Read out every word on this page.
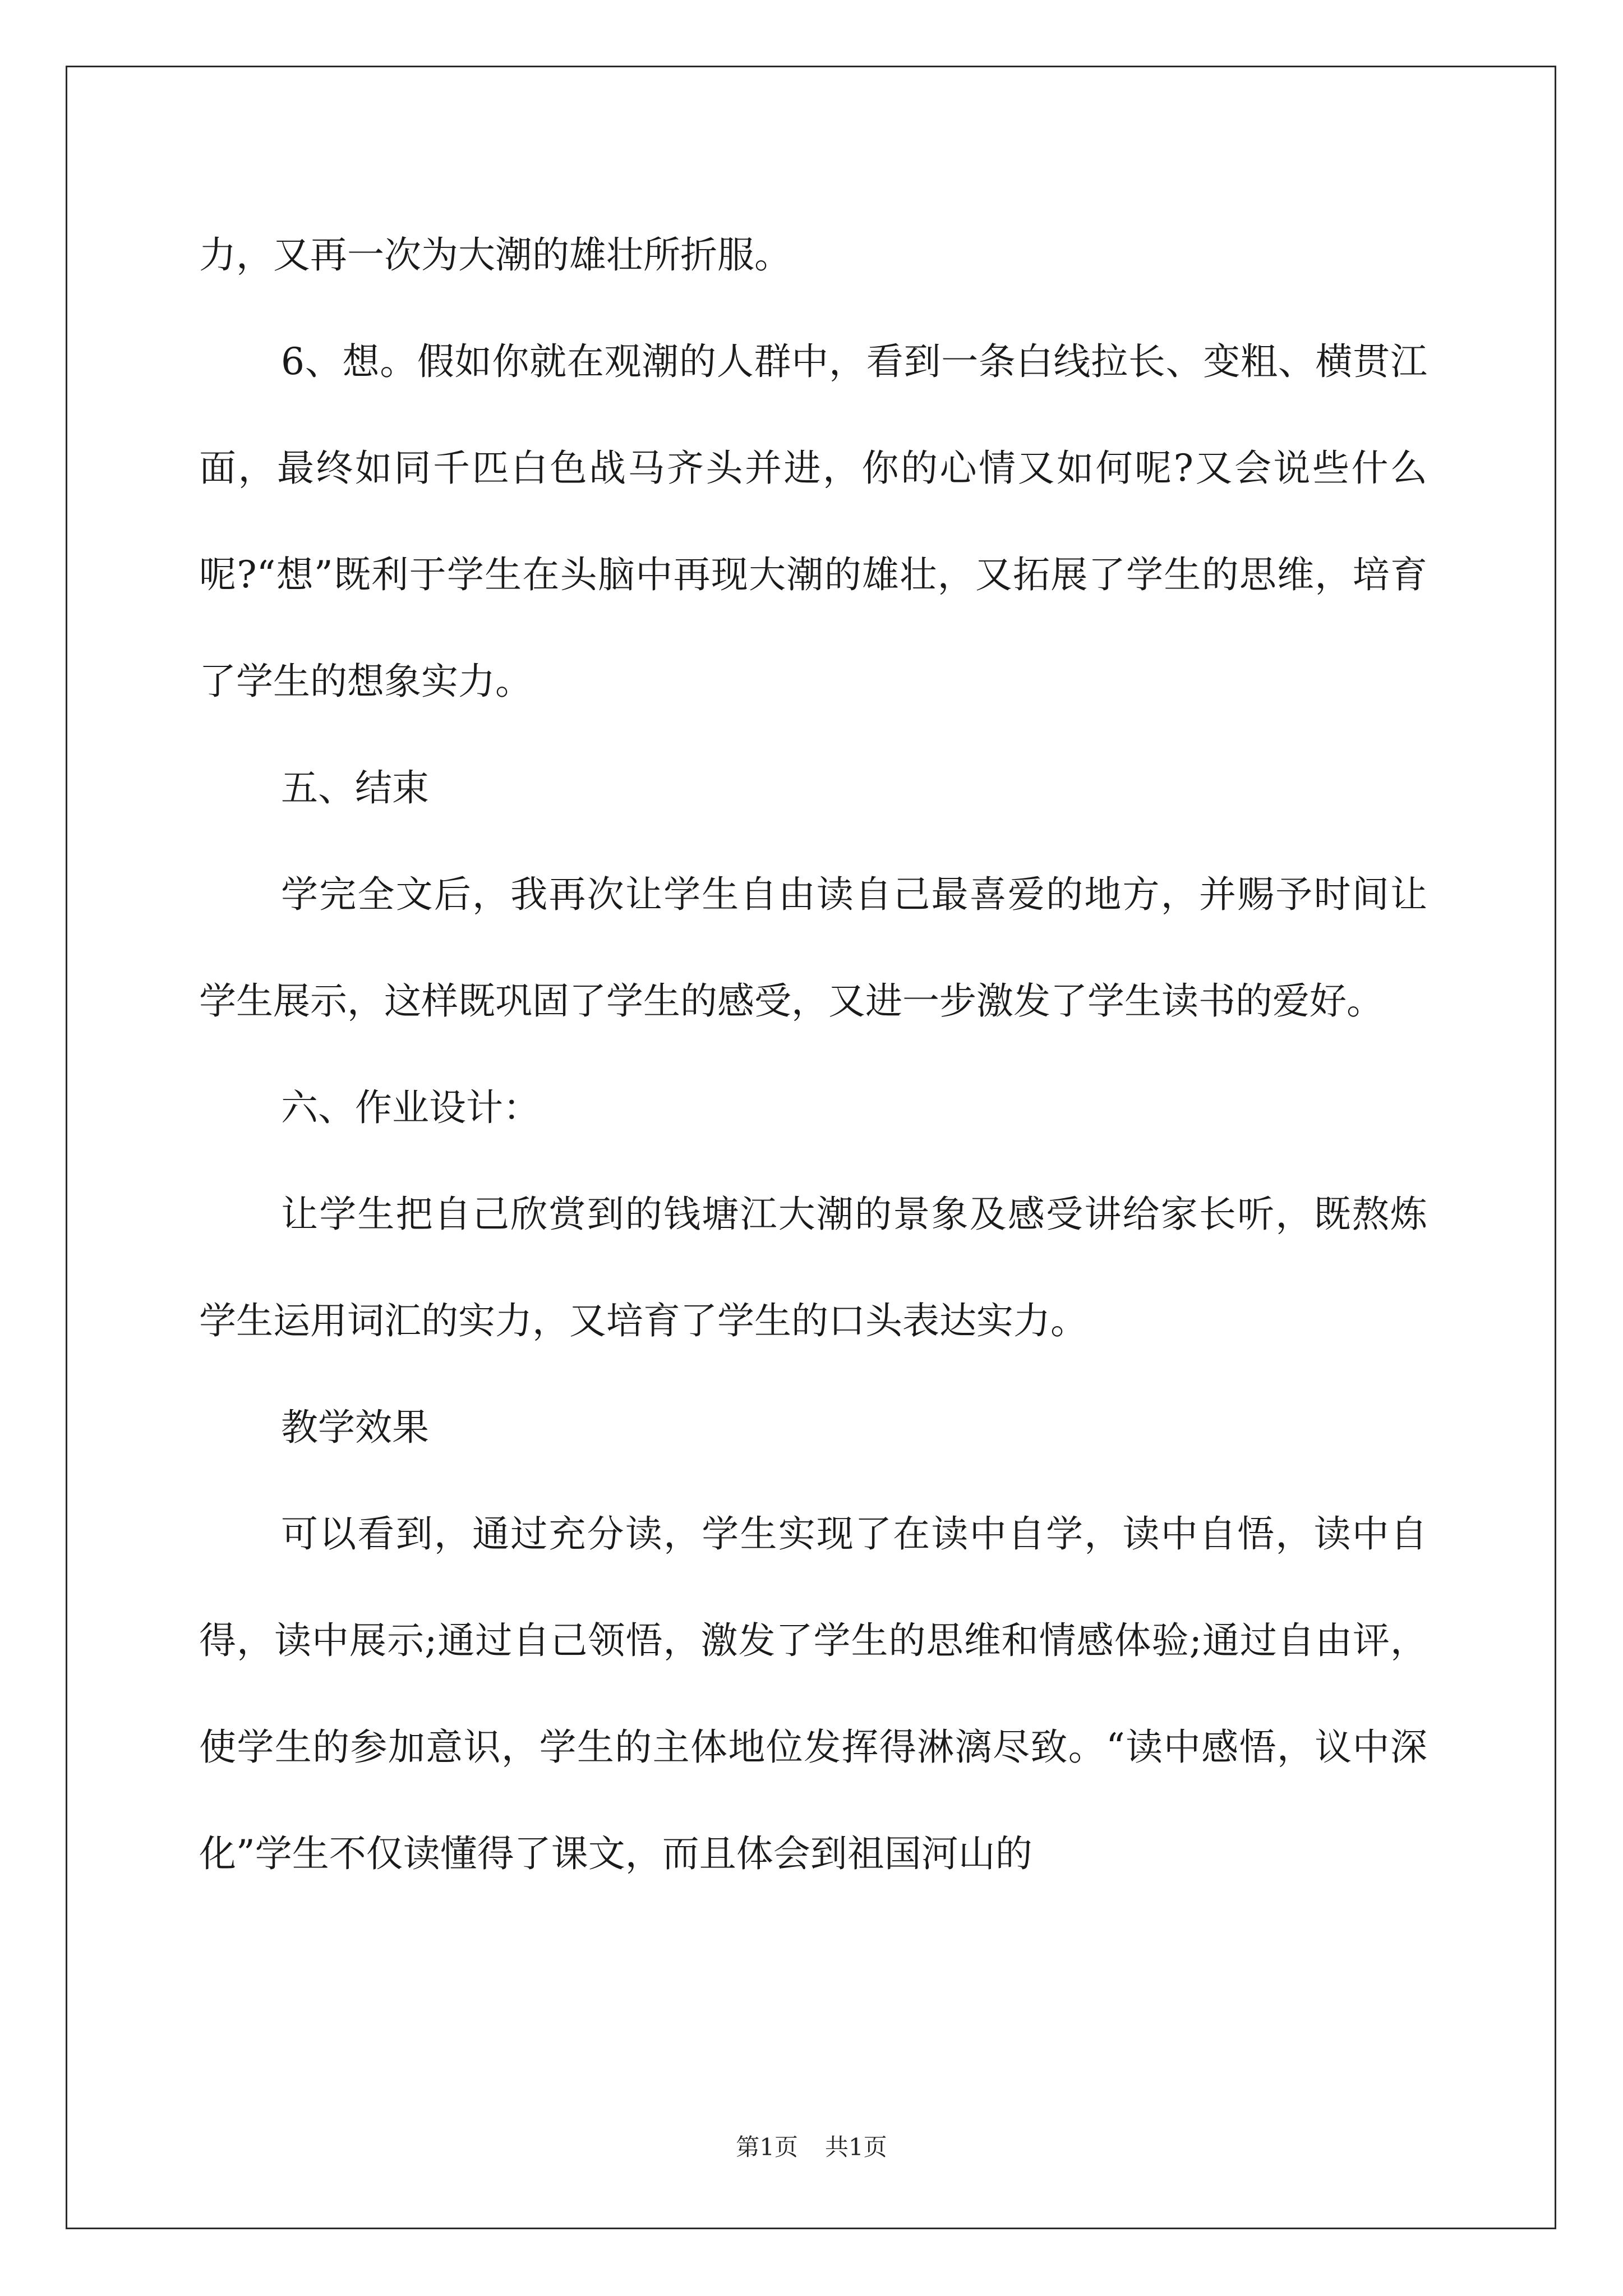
力，又再一次为大潮的雄壮所折服。

6、想。假如你就在观潮的人群中，看到一条白线拉长、变粗、横贯江面，最终如同千匹白色战马齐头并进，你的心情又如何呢?又会说些什么呢?“想”既利于学生在头脑中再现大潮的雄壮，又拓展了学生的思维，培育了学生的想象实力。

五、结束

学完全文后，我再次让学生自由读自己最喜爱的地方，并赐予时间让学生展示，这样既巩固了学生的感受，又进一步激发了学生读书的爱好。

六、作业设计：

让学生把自己欣赏到的钱塘江大潮的景象及感受讲给家长听，既熬炼学生运用词汇的实力，又培育了学生的口头表达实力。

教学效果

可以看到，通过充分读，学生实现了在读中自学，读中自悟，读中自得，读中展示;通过自己领悟，激发了学生的思维和情感体验;通过自由评，使学生的参加意识，学生的主体地位发挥得淋漓尽致。“读中感悟，议中深化”学生不仅读懂得了课文，而且体会到祖国河山的

第1页 共1页
